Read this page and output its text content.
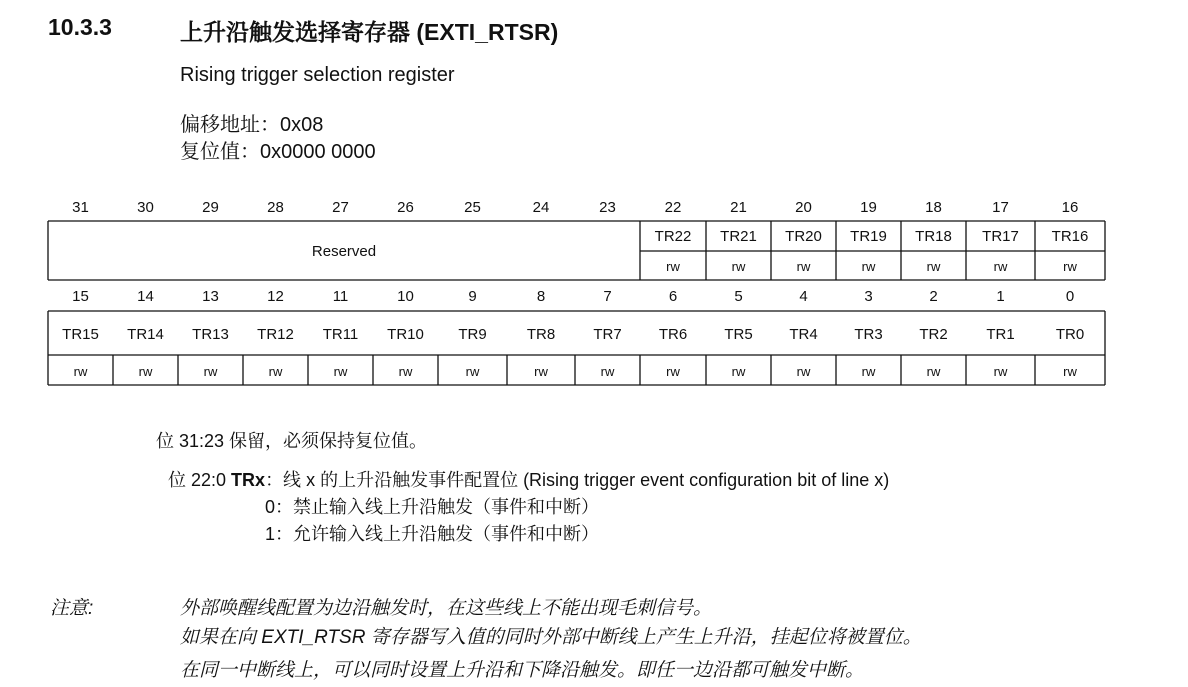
10.3.3	上升沿触发选择寄存器 (EXTI_RTSR)
Rising trigger selection register
偏移地址：0x08
复位值：0x0000 0000
31	30	29	28	27	26	25	24	23	22	21	20	19	18	17	16
15	14	13	12	11	10	9	8	7	6	5	4	3	2	1	0
Reserved
TR22 TR21 TR20 TR19 TR18 TR17 TR16
rw	rw	rw	rw	rw	rw	rw
TR15 TR14 TR13 TR12 TR11 TR10 TR9	TR8	TR7 TR6 TR5 TR4 TR3 TR2	TR1	TR0
rw	rw	rw	rw	rw	rw	rw	rw	rw	rw	rw	rw	rw	rw	rw	rw
位 31:23 保留，必须保持复位值。
位 22:0 TRx：线 x 的上升沿触发事件配置位 (Rising trigger event configuration bit of line x)
0：禁止输入线上升沿触发（事件和中断）
1：允许输入线上升沿触发（事件和中断）
注意:	外部唤醒线配置为边沿触发时，在这些线上不能出现毛刺信号。
如果在向 EXTI_RTSR 寄存器写入值的同时外部中断线上产生上升沿，挂起位将被置位。
在同一中断线上，可以同时设置上升沿和下降沿触发。即任一边沿都可触发中断。
